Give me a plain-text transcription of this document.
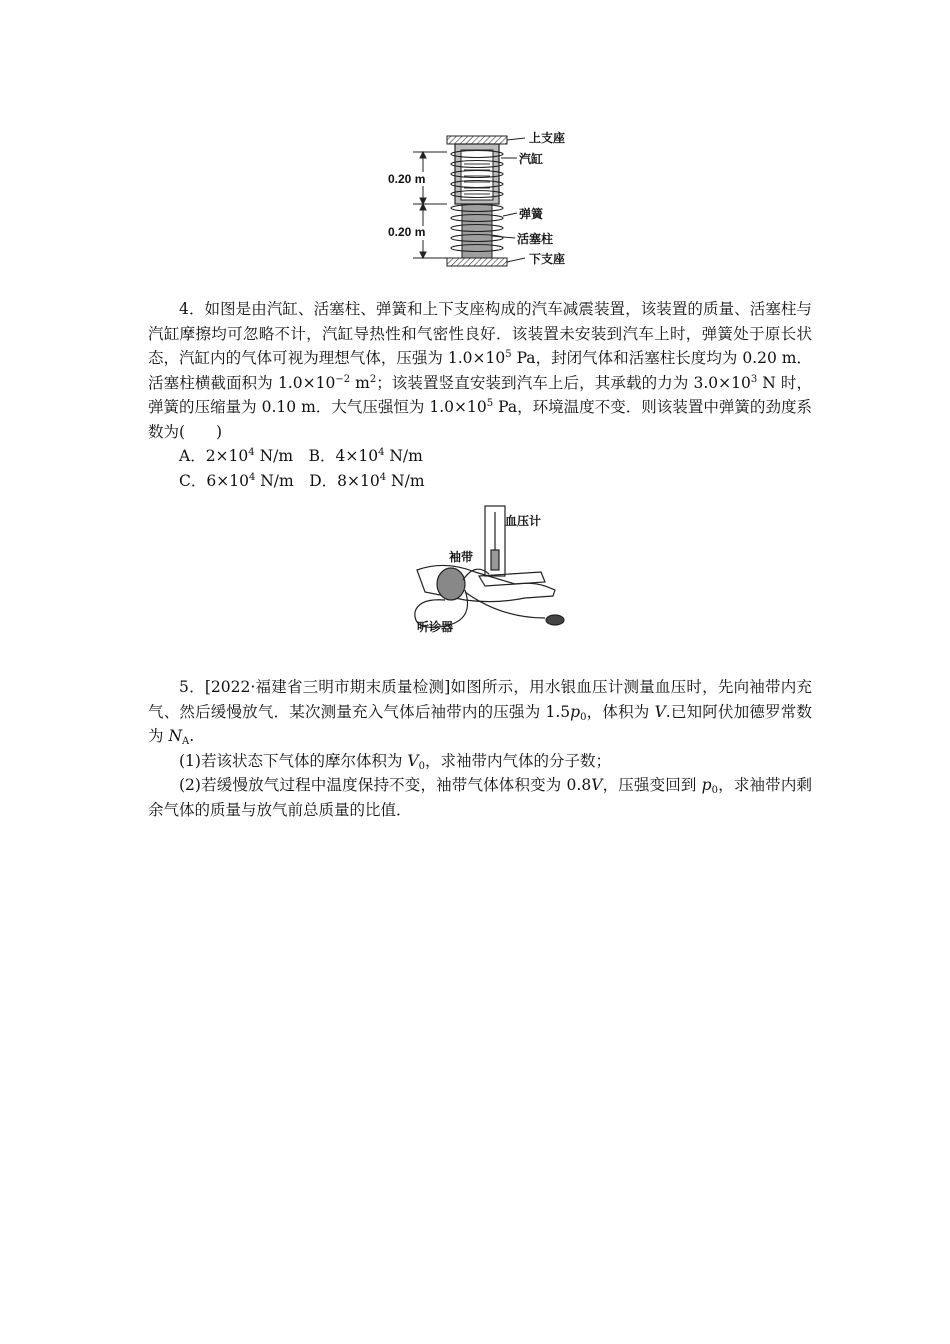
上支座
汽缸
弹簧
活塞柱
下支座
0.20 m
0.20 m

4．如图是由汽缸、活塞柱、弹簧和上下支座构成的汽车减震装置，该装置的质量、活塞柱与汽缸摩擦均可忽略不计，汽缸导热性和气密性良好．该装置未安装到汽车上时，弹簧处于原长状态，汽缸内的气体可视为理想气体，压强为 $1.0\times 10^5$ Pa，封闭气体和活塞柱长度均为 0.20 m．活塞柱横截面积为 $1.0\times 10^{-2}$ $m^2$；该装置竖直安装到汽车上后，其承载的力为 $3.0\times 10^3$ N 时，弹簧的压缩量为 0.10 m．大气压强恒为 $1.0\times 10^5$ Pa，环境温度不变．则该装置中弹簧的劲度系数为(　　)

A．$2\times 10^4$ N/m　 B．$4\times 10^4$ N/m

C．$6\times 10^4$ N/m　 D．$8\times 10^4$ N/m

血压计
袖带
听诊器

5．[2022·福建省三明市期末质量检测]如图所示，用水银血压计测量血压时，先向袖带内充气、然后缓慢放气．某次测量充入气体后袖带内的压强为 $1.5p_0$，体积为 V.已知阿伏加德罗常数为 $N_A$.

(1)若该状态下气体的摩尔体积为 $V_0$，求袖带内气体的分子数；

(2)若缓慢放气过程中温度保持不变，袖带气体体积变为 0.8V，压强变回到 $p_0$，求袖带内剩余气体的质量与放气前总质量的比值．
